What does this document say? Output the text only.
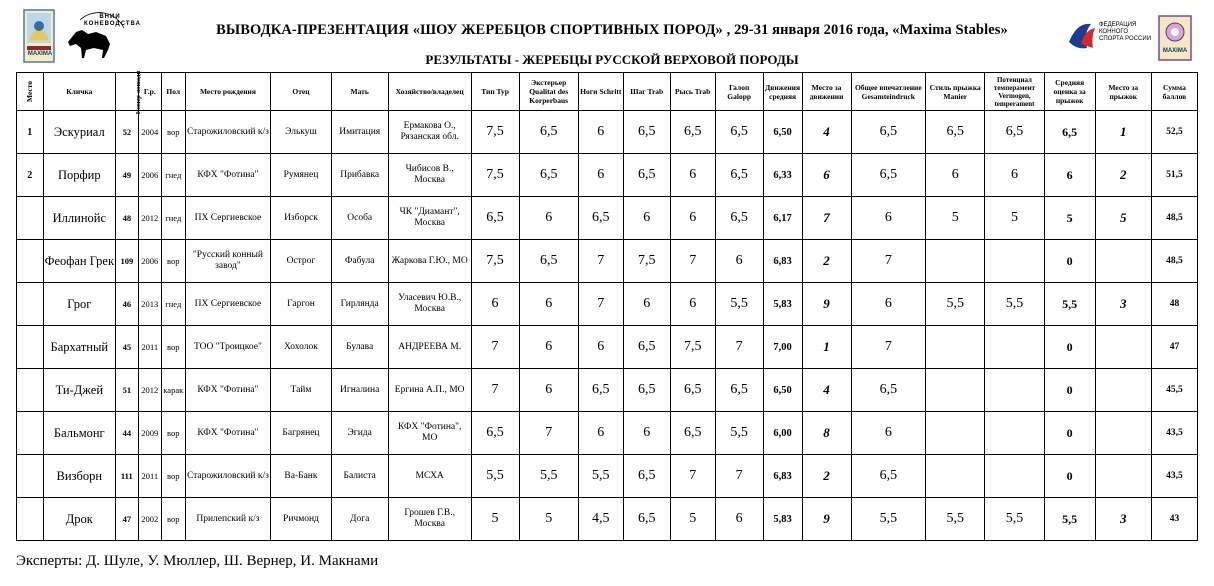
MAXIMA
ВНИИ КОНЕВОДСТВА	ВЫВОДКА-ПРЕЗЕНТАЦИЯ «ШОУ ЖЕРЕБЦОВ СПОРТИВНЫХ ПОРОД» , 29-31 января 2016 года, «Maxima Stables»
РЕЗУЛЬТАТЫ - ЖЕРЕБЦЫ РУССКОЙ ВЕРХОВОЙ ПОРОДЫ
ФЕДЕРАЦИЯ КОННОГО СПОРТА РОССИИ
MAXIMA
Место	Кличка	Номер лошади	Г.р.	Пол	Место рождения	Отец	Мать	Хозяйство/владелец	Тип Typ	Экстерьер Qualitat des Korperbaus	Ноги Schritt	Шаг Trab	Рысь Trab	Галоп Galopp	Движения средняя	Место за движении	Общее впечатление Gesamteindruck	Стиль прыжка Manier	Потенциал темперамент Vermogen, temperament	Средняя оценка за прыжок	Место за прыжок	Сумма баллов
1	Эскуриал	52	2004	вор	Старожиловский к/з	Элькуш	Имитация	Ермакова О., Рязанская обл.	7,5	6,5	6	6,5	6,5	6,5	6,50	4	6,5	6,5	6,5	6,5	1	52,5
2	Порфир	49	2006	гнед	КФХ "Фотина"	Румянец	Прибавка	Чибисов В., Москва	7,5	6,5	6	6,5	6	6,5	6,33	6	6,5	6	6	6	2	51,5
	Иллинойс	48	2012	гнед	ПХ Сергиевское	Изборск	Особа	ЧК "Диамант", Москва	6,5	6	6,5	6	6	6,5	6,17	7	6	5	5	5	5	48,5
	Феофан Грек	109	2006	вор	"Русский конный завод"	Острог	Фабула	Жаркова Г.Ю., МО	7,5	6,5	7	7,5	7	6	6,83	2	7			0		48,5
	Грог	46	2013	гнед	ПХ Сергиевское	Гаргон	Гирлянда	Уласевич Ю.В., Москва	6	6	7	6	6	5,5	5,83	9	6	5,5	5,5	5,5	3	48
	Бархатный	45	2011	вор	ТОО "Троицкое"	Хохолок	Булава	АНДРЕЕВА М.	7	6	6	6,5	7,5	7	7,00	1	7			0		47
	Ти-Джей	51	2012	карак	КФХ "Фотина"	Тайм	Игналина	Ергина А.П., МО	7	6	6,5	6,5	6,5	6,5	6,50	4	6,5			0		45,5
	Бальмонг	44	2009	вор	КФХ "Фотина"	Багрянец	Эгида	КФХ "Фотина", МО	6,5	7	6	6	6,5	5,5	6,00	8	6			0		43,5
	Визборн	111	2011	вор	Старожиловский к/з	Ва-Банк	Балиста	МСХА	5,5	5,5	5,5	6,5	7	7	6,83	2	6,5			0		43,5
	Дрок	47	2002	вор	Прилепский к/з	Ричмонд	Дога	Грошев Г.В., Москва	5	5	4,5	6,5	5	6	5,83	9	5,5	5,5	5,5	5,5	3	43
Эксперты: Д. Шуле, У. Мюллер, Ш. Вернер, И. Макнами
